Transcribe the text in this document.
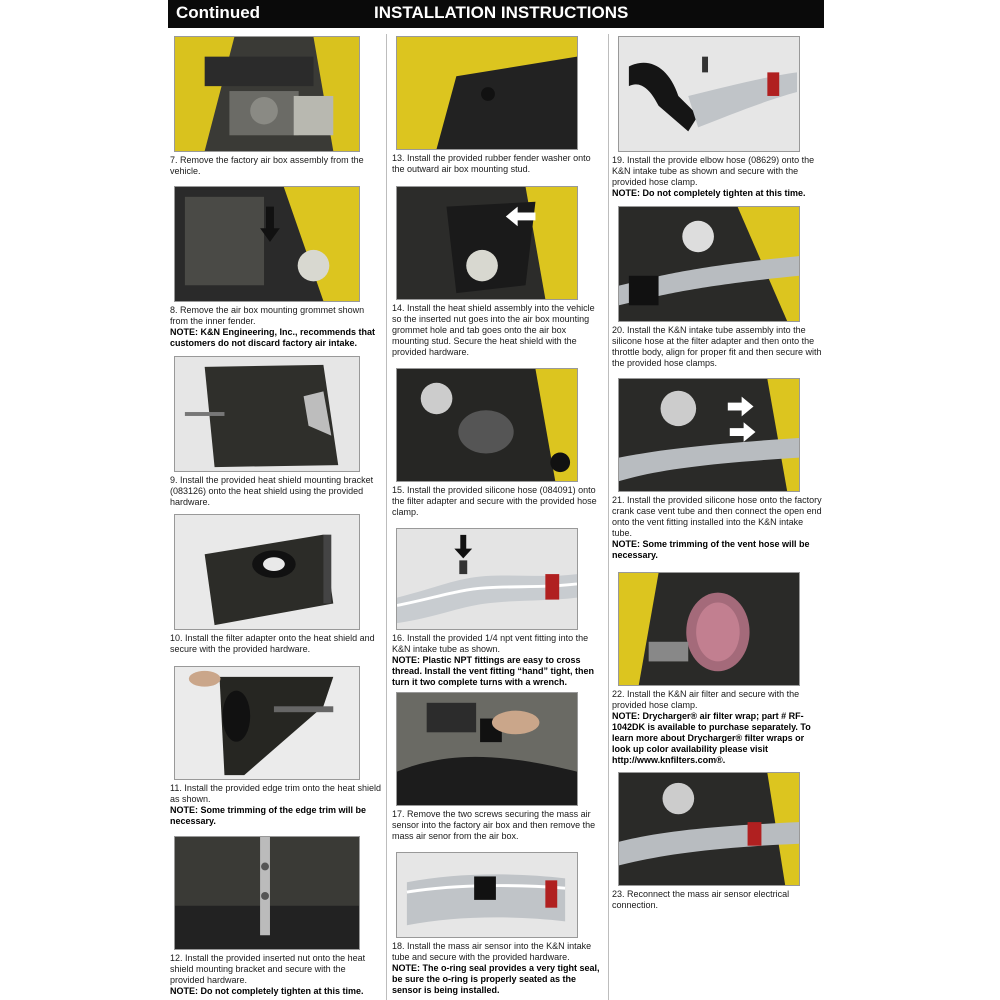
Continued	INSTALLATION INSTRUCTIONS
7. Remove the factory air box assembly from the vehicle.
8. Remove the air box mounting grommet shown from the inner fender.
NOTE: K&N Engineering, Inc., recommends that customers do not discard factory air intake.
9. Install the provided heat shield mounting bracket (083126) onto the heat shield using the provided hardware.
10. Install the filter adapter onto the heat shield and secure with the provided hardware.
11. Install the provided edge trim onto the heat shield as shown.
NOTE: Some trimming of the edge trim will be necessary.
12. Install the provided inserted nut onto the heat shield mounting bracket and secure with the provided hardware.
NOTE: Do not completely tighten at this time.
13. Install the provided rubber fender washer onto the outward air box mounting stud.
14. Install the heat shield assembly into the vehicle so the inserted nut goes into the air box mounting grommet hole and tab goes onto the air box mounting stud. Secure the heat shield with the provided hardware.
15. Install the provided silicone hose (084091) onto the filter adapter and secure with the provided hose clamp.
16. Install the provided 1/4 npt vent fitting into the K&N intake tube as shown.
NOTE: Plastic NPT fittings are easy to cross thread. Install the vent fitting “hand” tight, then turn it two complete turns with a wrench.
17. Remove the two screws securing the mass air sensor into the factory air box and then remove the mass air senor from the air box.
18. Install the mass air sensor into the K&N intake tube and secure with the provided hardware.
NOTE: The o-ring seal provides a very tight seal, be sure the o-ring is properly seated as the sensor is being installed.
19. Install the provide elbow hose (08629) onto the K&N intake tube as shown and secure with the provided hose clamp.
NOTE: Do not completely tighten at this time.
20. Install the K&N intake tube assembly into the silicone hose at the filter adapter and then onto the throttle body, align for proper fit and then secure with the provided hose clamps.
21. Install the provided silicone hose onto the factory crank case vent tube and then connect the open end onto the vent fitting installed into the K&N intake tube.
NOTE: Some trimming of the vent hose will be necessary.
22. Install the K&N air filter and secure with the provided hose clamp.
NOTE: Drycharger® air filter wrap; part # RF-1042DK is available to purchase separately. To learn more about Drycharger® filter wraps or look up color availability please visit http://www.knfilters.com®.
23. Reconnect the mass air sensor electrical connection.
